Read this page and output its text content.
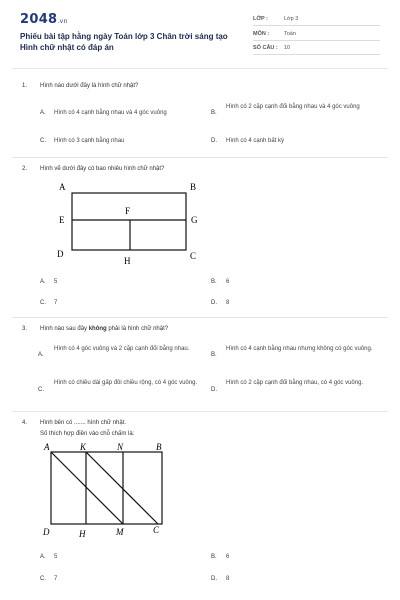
2048.vn
Phiếu bài tập hằng ngày Toán lớp 3 Chân trời sáng tạo Hình chữ nhật có đáp án
LỚP :	Lớp 3
MÔN :	Toán
SỐ CÂU : 10
1. Hình nào dưới đây là hình chữ nhật?
A. Hình có 4 cạnh bằng nhau và 4 góc vuông	B.
Hình có 2 cặp cạnh đối bằng nhau và 4 góc vuông
C. Hình có 3 cạnh bằng nhau	D. Hình có 4 cạnh bất kỳ
2. Hình vẽ dưới đây có bao nhiêu hình chữ nhật?
A	B
E
F
G
D
H	C
A. 5	B. 6
C. 7	D. 8
3. Hình nào sau đây không phải là hình chữ nhật?
A.
Hình có 4 góc vuông và 2 cặp cạnh đối bằng nhau.
B.
Hình có 4 cạnh bằng nhau nhưng không có góc vuông.
C.
Hình có chiều dài gấp đôi chiều rộng, có 4 góc vuông.
D.
Hình có 2 cặp cạnh đối bằng nhau, có 4 góc vuông.
4. Hình bên có ....... hình chữ nhật.
Số thích hợp điền vào chỗ chấm là:
A	K	N	B
D	H	M	C
A. 5	B. 6
C. 7	D. 8
